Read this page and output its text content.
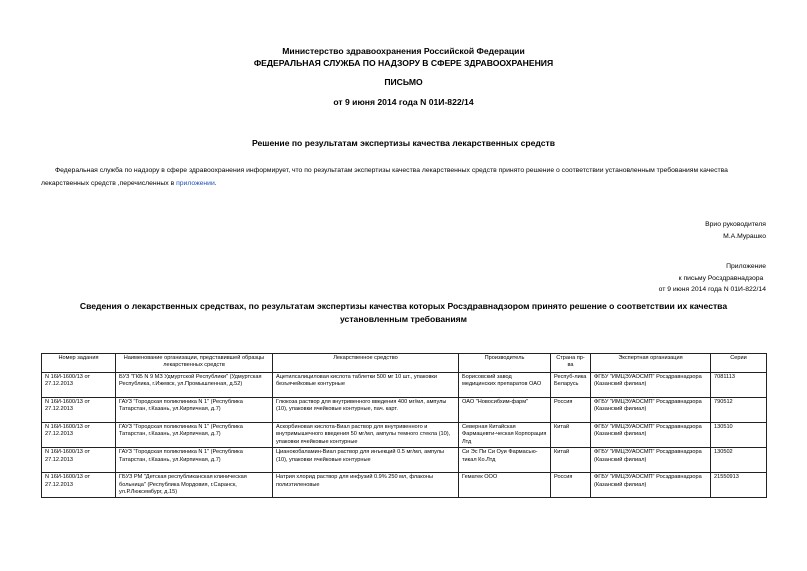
Министерство здравоохранения Российской Федерации
ФЕДЕРАЛЬНАЯ СЛУЖБА ПО НАДЗОРУ В СФЕРЕ ЗДРАВООХРАНЕНИЯ
ПИСЬМО
от 9 июня 2014 года N 01И-822/14
Решение по результатам экспертизы качества лекарственных средств
Федеральная служба по надзору в сфере здравоохранения информирует, что по результатам экспертизы качества лекарственных средств принято решение о соответствии установленным требованиям качества лекарственных средств ,перечисленных в приложении.
Врио руководителя
М.А.Мурашко
Приложение
к письму Росздравнадзора
от 9 июня 2014 года N 01И-822/14
Сведения о лекарственных средствах, по результатам экспертизы качества которых Росздравнадзором принято решение о соответствии их качества установленным требованиям
Номер задания	Наименование организации, представившей образцы лекарственных средств	Лекарственное средство	Производитель	Страна пр-ва	Экспертная организация	Серии
N 16И-1600/13 от 27.12.2013	БУЗ "ГКБ N 9 МЗ Удмуртской Республики" (Удмуртская Республика, г.Ижевск, ул.Промышленная, д.52)	Ацетилсалициловая кислота таблетки 500 мг 10 шт., упаковки безъячейковые контурные	Борисовский завод медицинских препаратов ОАО	Респуб-лика Беларусь	ФГБУ "ИМЦЭУАОСМП" Росздравнадзора (Казанский филиал)	7081113
N 16И-1600/13 от 27.12.2013	ГАУЗ "Городская поликлиника N 1" (Республика Татарстан, г.Казань, ул.Кирпичная, д.7)	Глюкоза раствор для внутривенного введения 400 мг/мл, ампулы (10), упаковки ячейковые контурные, пач. карт.	ОАО "Новосибхим-фарм"	Россия	ФГБУ "ИМЦЭУАОСМП" Росздравнадзора (Казанский филиал)	790512
N 16И-1600/13 от 27.12.2013	ГАУЗ "Городская поликлиника N 1" (Республика Татарстан, г.Казань, ул.Кирпичная, д.7)	Аскорбиновая кислота-Виал раствор для внутривенного и внутримышечного введения 50 мг/мл, ампулы темного стекла (10), упаковки ячейковые контурные	Северная Китайская Фармацевти-ческая Корпорация Лтд	Китай	ФГБУ "ИМЦЭУАОСМП" Росздравнадзора (Казанский филиал)	130510
N 16И-1600/13 от 27.12.2013	ГАУЗ "Городская поликлиника N 1" (Республика Татарстан, г.Казань, ул.Кирпичная, д.7)	Цианокобаламин-Виал раствор для инъекций 0.5 мг/мл, ампулы (10), упаковки ячейковые контурные	Си Эс Пи Си Оуи Фармасью-тикал Ко.Лтд	Китай	ФГБУ "ИМЦЭУАОСМП" Росздравнадзора (Казанский филиал)	130502
N 16И-1600/13 от 27.12.2013	ГБУЗ РМ "Детская республиканская клиническая больница" (Республика Мордовия, г.Саранск, ул.Р.Люксембург, д.15)	Натрия хлорид раствор для инфузий 0.9% 250 мл, флаконы полиэтиленовые	Гематек ООО	Россия	ФГБУ "ИМЦЭУАОСМП" Росздравнадзора (Казанский филиал)	21550913
